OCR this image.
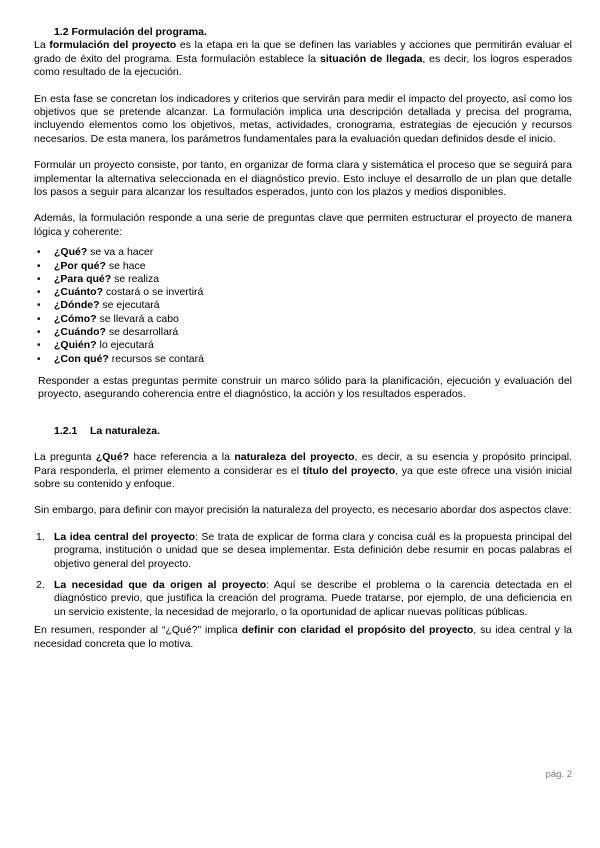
1.2 Formulación del programa.

La formulación del proyecto es la etapa en la que se definen las variables y acciones que permitirán evaluar el grado de éxito del programa. Esta formulación establece la situación de llegada, es decir, los logros esperados como resultado de la ejecución.

En esta fase se concretan los indicadores y criterios que servirán para medir el impacto del proyecto, así como los objetivos que se pretende alcanzar. La formulación implica una descripción detallada y precisa del programa, incluyendo elementos como los objetivos, metas, actividades, cronograma, estrategias de ejecución y recursos necesarios. De esta manera, los parámetros fundamentales para la evaluación quedan definidos desde el inicio.

Formular un proyecto consiste, por tanto, en organizar de forma clara y sistemática el proceso que se seguirá para implementar la alternativa seleccionada en el diagnóstico previo. Esto incluye el desarrollo de un plan que detalle los pasos a seguir para alcanzar los resultados esperados, junto con los plazos y medios disponibles.

Además, la formulación responde a una serie de preguntas clave que permiten estructurar el proyecto de manera lógica y coherente:

• ¿Qué? se va a hacer
• ¿Por qué? se hace
• ¿Para qué? se realiza
• ¿Cuánto? costará o se invertirá
• ¿Dónde? se ejecutará
• ¿Cómo? se llevará a cabo
• ¿Cuándo? se desarrollará
• ¿Quién? lo ejecutará
• ¿Con qué? recursos se contará

Responder a estas preguntas permite construir un marco sólido para la planificación, ejecución y evaluación del proyecto, asegurando coherencia entre el diagnóstico, la acción y los resultados esperados.

1.2.1 La naturaleza.

La pregunta ¿Qué? hace referencia a la naturaleza del proyecto, es decir, a su esencia y propósito principal. Para responderla, el primer elemento a considerar es el título del proyecto, ya que este ofrece una visión inicial sobre su contenido y enfoque.

Sin embargo, para definir con mayor precisión la naturaleza del proyecto, es necesario abordar dos aspectos clave:

1. La idea central del proyecto: Se trata de explicar de forma clara y concisa cuál es la propuesta principal del programa, institución o unidad que se desea implementar. Esta definición debe resumir en pocas palabras el objetivo general del proyecto.
2. La necesidad que da origen al proyecto: Aquí se describe el problema o la carencia detectada en el diagnóstico previo, que justifica la creación del programa. Puede tratarse, por ejemplo, de una deficiencia en un servicio existente, la necesidad de mejorarlo, o la oportunidad de aplicar nuevas políticas públicas.

En resumen, responder al “¿Qué?” implica definir con claridad el propósito del proyecto, su idea central y la necesidad concreta que lo motiva.

pág. 2
